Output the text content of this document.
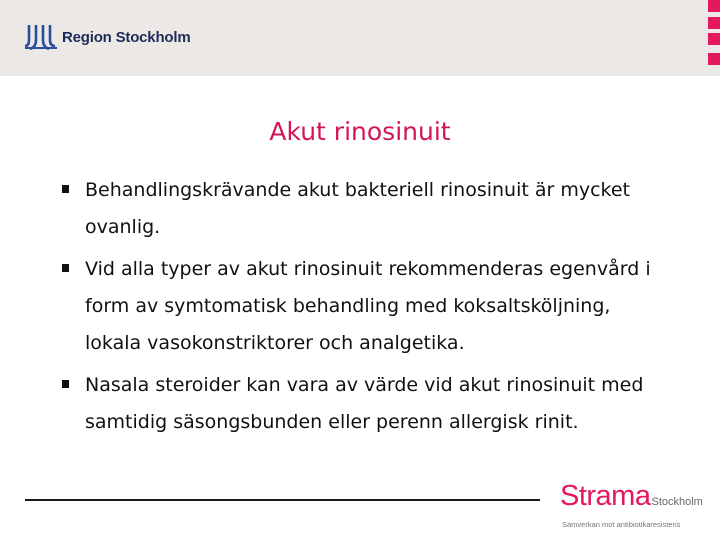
Region Stockholm
Akut rinosinuit
Behandlingskrävande akut bakteriell rinosinuit är mycket ovanlig.
Vid alla typer av akut rinosinuit rekommenderas egenvård i form av symtomatisk behandling med koksaltsköljning, lokala vasokonstriktorer och analgetika.
Nasala steroider kan vara av värde vid akut rinosinuit med samtidig säsongsbunden eller perenn allergisk rinit.
StramaStockholm
Samverkan mot antibiotikaresistens
